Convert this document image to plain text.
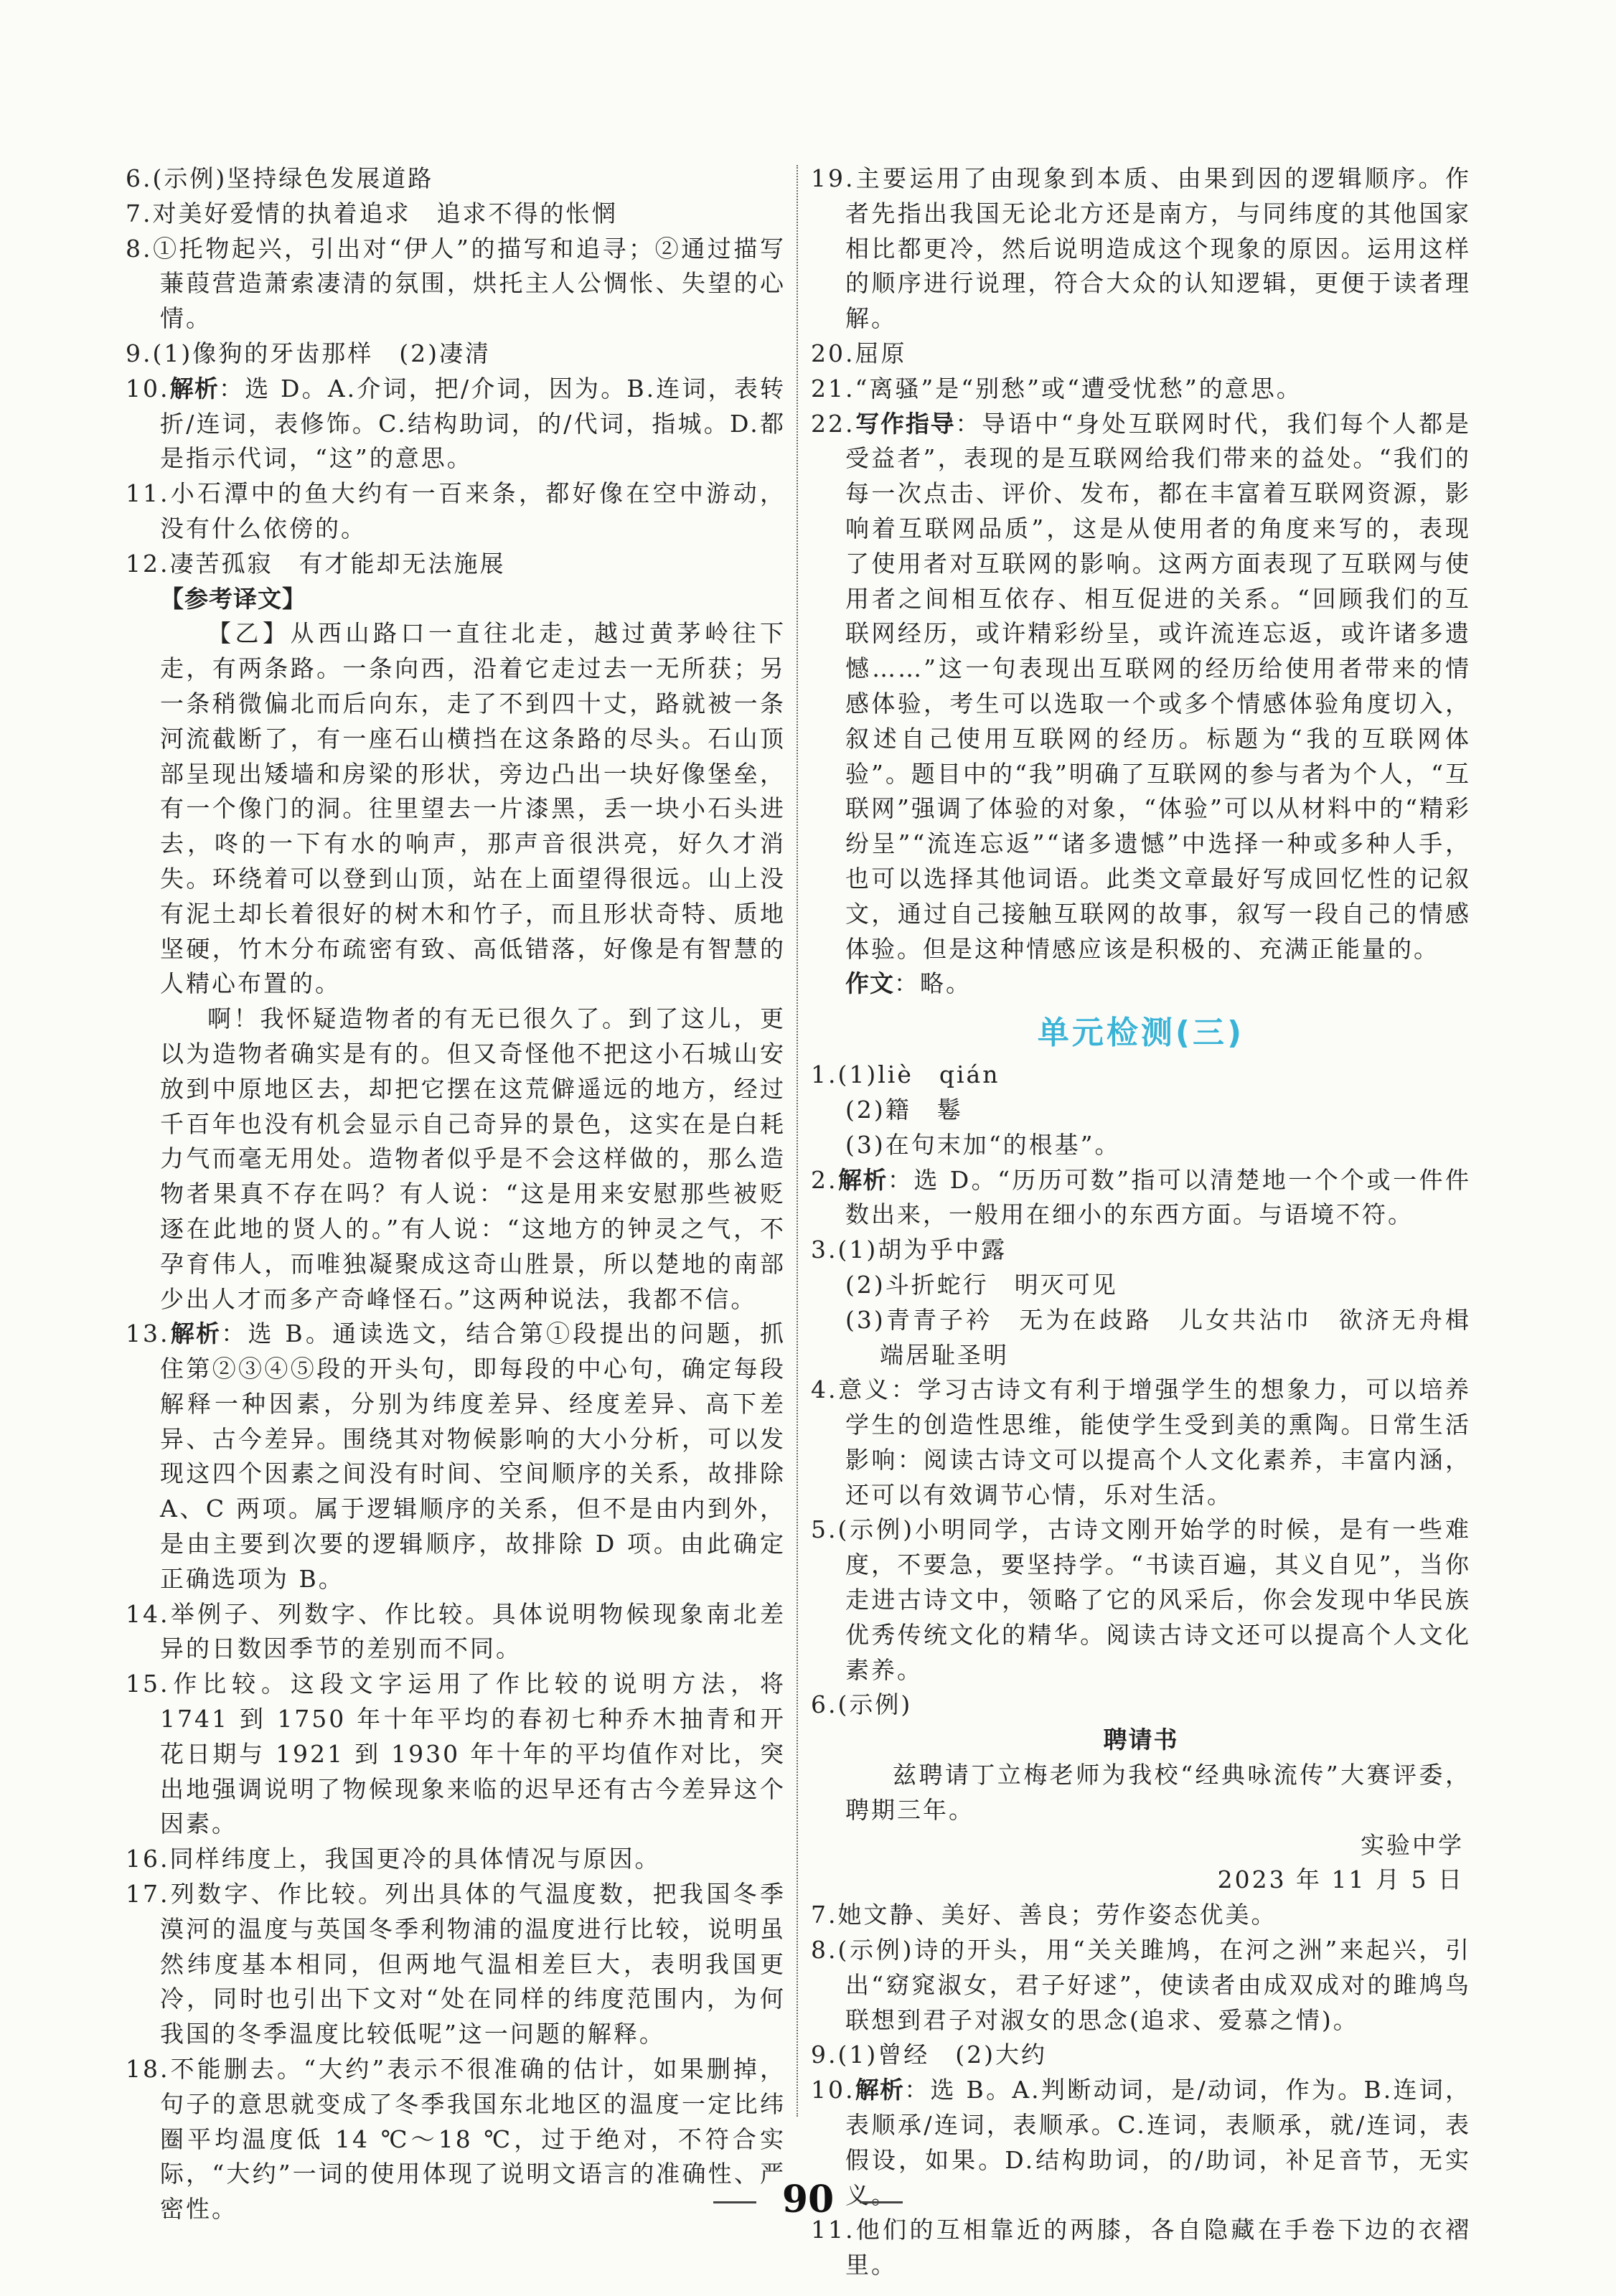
6.(示例)坚持绿色发展道路

7.对美好爱情的执着追求　追求不得的怅惘

8.①托物起兴，引出对“伊人”的描写和追寻；②通过描写蒹葭营造萧索凄清的氛围，烘托主人公惆怅、失望的心情。

9.(1)像狗的牙齿那样　(2)凄清

10.解析：选 D。A.介词，把/介词，因为。B.连词，表转折/连词，表修饰。C.结构助词，的/代词，指城。D.都是指示代词，“这”的意思。

11.小石潭中的鱼大约有一百来条，都好像在空中游动，没有什么依傍的。

12.凄苦孤寂　有才能却无法施展

【参考译文】

【乙】从西山路口一直往北走，越过黄茅岭往下走，有两条路。一条向西，沿着它走过去一无所获；另一条稍微偏北而后向东，走了不到四十丈，路就被一条河流截断了，有一座石山横挡在这条路的尽头。石山顶部呈现出矮墙和房梁的形状，旁边凸出一块好像堡垒，有一个像门的洞。往里望去一片漆黑，丢一块小石头进去，咚的一下有水的响声，那声音很洪亮，好久才消失。环绕着可以登到山顶，站在上面望得很远。山上没有泥土却长着很好的树木和竹子，而且形状奇特、质地坚硬，竹木分布疏密有致、高低错落，好像是有智慧的人精心布置的。

啊！我怀疑造物者的有无已很久了。到了这儿，更以为造物者确实是有的。但又奇怪他不把这小石城山安放到中原地区去，却把它摆在这荒僻遥远的地方，经过千百年也没有机会显示自己奇异的景色，这实在是白耗力气而毫无用处。造物者似乎是不会这样做的，那么造物者果真不存在吗？有人说：“这是用来安慰那些被贬逐在此地的贤人的。”有人说：“这地方的钟灵之气，不孕育伟人，而唯独凝聚成这奇山胜景，所以楚地的南部少出人才而多产奇峰怪石。”这两种说法，我都不信。

13.解析：选 B。通读选文，结合第①段提出的问题，抓住第②③④⑤段的开头句，即每段的中心句，确定每段解释一种因素，分别为纬度差异、经度差异、高下差异、古今差异。围绕其对物候影响的大小分析，可以发现这四个因素之间没有时间、空间顺序的关系，故排除 A、C 两项。属于逻辑顺序的关系，但不是由内到外，是由主要到次要的逻辑顺序，故排除 D 项。由此确定正确选项为 B。

14.举例子、列数字、作比较。具体说明物候现象南北差异的日数因季节的差别而不同。

15.作比较。这段文字运用了作比较的说明方法，将 1741 到 1750 年十年平均的春初七种乔木抽青和开花日期与 1921 到 1930 年十年的平均值作对比，突出地强调说明了物候现象来临的迟早还有古今差异这个因素。

16.同样纬度上，我国更冷的具体情况与原因。

17.列数字、作比较。列出具体的气温度数，把我国冬季漠河的温度与英国冬季利物浦的温度进行比较，说明虽然纬度基本相同，但两地气温相差巨大，表明我国更冷，同时也引出下文对“处在同样的纬度范围内，为何我国的冬季温度比较低呢”这一问题的解释。

18.不能删去。“大约”表示不很准确的估计，如果删掉，句子的意思就变成了冬季我国东北地区的温度一定比纬圈平均温度低 14 ℃～18 ℃，过于绝对，不符合实际，“大约”一词的使用体现了说明文语言的准确性、严密性。

19.主要运用了由现象到本质、由果到因的逻辑顺序。作者先指出我国无论北方还是南方，与同纬度的其他国家相比都更冷，然后说明造成这个现象的原因。运用这样的顺序进行说理，符合大众的认知逻辑，更便于读者理解。

20.屈原

21.“离骚”是“别愁”或“遭受忧愁”的意思。

22.写作指导：导语中“身处互联网时代，我们每个人都是受益者”，表现的是互联网给我们带来的益处。“我们的每一次点击、评价、发布，都在丰富着互联网资源，影响着互联网品质”，这是从使用者的角度来写的，表现了使用者对互联网的影响。这两方面表现了互联网与使用者之间相互依存、相互促进的关系。“回顾我们的互联网经历，或许精彩纷呈，或许流连忘返，或许诸多遗憾……”这一句表现出互联网的经历给使用者带来的情感体验，考生可以选取一个或多个情感体验角度切入，叙述自己使用互联网的经历。标题为“我的互联网体验”。题目中的“我”明确了互联网的参与者为个人，“互联网”强调了体验的对象，“体验”可以从材料中的“精彩纷呈”“流连忘返”“诸多遗憾”中选择一种或多种人手，也可以选择其他词语。此类文章最好写成回忆性的记叙文，通过自己接触互联网的故事，叙写一段自己的情感体验。但是这种情感应该是积极的、充满正能量的。

作文：略。

单元检测(三)

1.(1)liè　qián

(2)籍　鬈

(3)在句末加“的根基”。

2.解析：选 D。“历历可数”指可以清楚地一个个或一件件数出来，一般用在细小的东西方面。与语境不符。

3.(1)胡为乎中露

(2)斗折蛇行　明灭可见

(3)青青子衿　无为在歧路　儿女共沾巾　欲济无舟楫　端居耻圣明

4.意义：学习古诗文有利于增强学生的想象力，可以培养学生的创造性思维，能使学生受到美的熏陶。日常生活影响：阅读古诗文可以提高个人文化素养，丰富内涵，还可以有效调节心情，乐对生活。

5.(示例)小明同学，古诗文刚开始学的时候，是有一些难度，不要急，要坚持学。“书读百遍，其义自见”，当你走进古诗文中，领略了它的风采后，你会发现中华民族优秀传统文化的精华。阅读古诗文还可以提高个人文化素养。

6.(示例)

聘请书

兹聘请丁立梅老师为我校“经典咏流传”大赛评委，聘期三年。

实验中学

2023 年 11 月 5 日

7.她文静、美好、善良；劳作姿态优美。

8.(示例)诗的开头，用“关关雎鸠，在河之洲”来起兴，引出“窈窕淑女，君子好逑”，使读者由成双成对的雎鸠鸟联想到君子对淑女的思念(追求、爱慕之情)。

9.(1)曾经　(2)大约

10.解析：选 B。A.判断动词，是/动词，作为。B.连词，表顺承/连词，表顺承。C.连词，表顺承，就/连词，表假设，如果。D.结构助词，的/助词，补足音节，无实义。

11.他们的互相靠近的两膝，各自隐藏在手卷下边的衣褶里。

90
